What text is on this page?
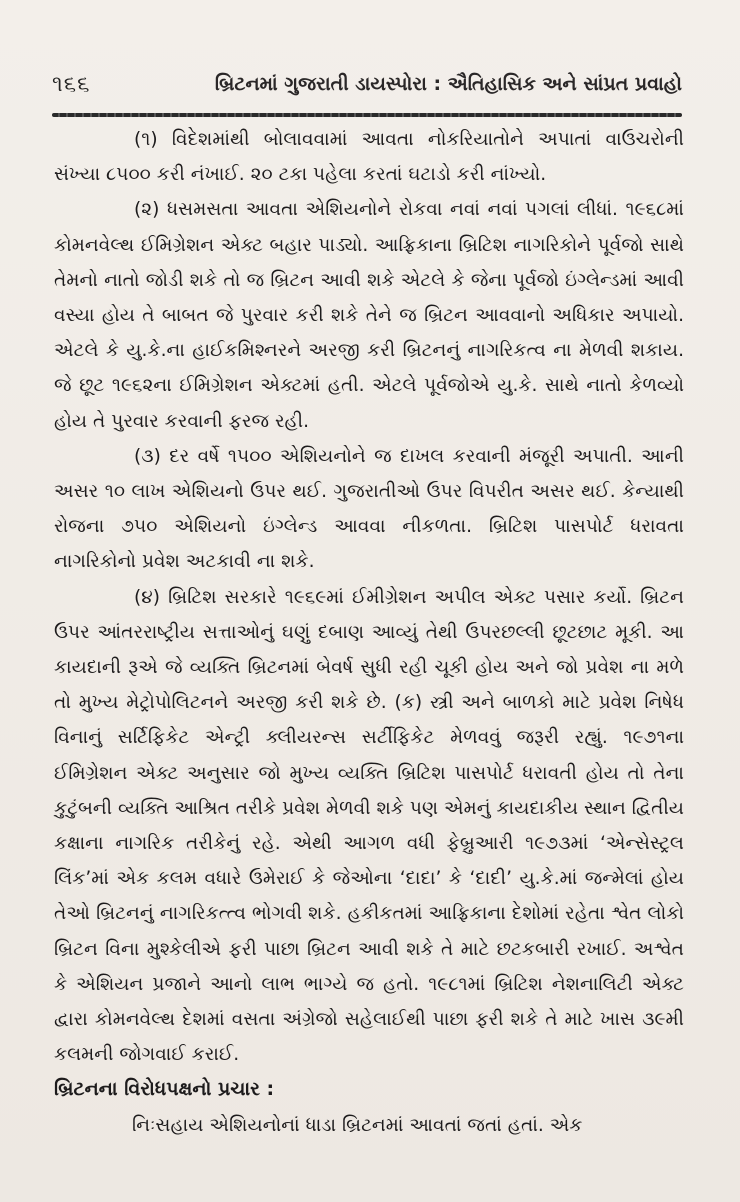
૧૬૬	બ્રિટનમાં ગુજરાતી ડાયસ્પોરા : ઐતિહાસિક અને સાંપ્રત પ્રવાહો

(૧) વિદેશમાંથી બોલાવવામાં આવતા નોકરિયાતોને અપાતાં વાઉચરોની સંખ્યા ૮૫૦૦ કરી નંખાઈ. ૨૦ ટકા પહેલા કરતાં ઘટાડો કરી નાંખ્યો.

(૨) ધસમસતા આવતા એશિયનોને રોકવા નવાં નવાં પગલાં લીધાં. ૧૯૬૮માં કોમનવેલ્થ ઈમિગ્રેશન એક્ટ બહાર પાડ્યો. આફ્રિકાના બ્રિટિશ નાગરિકોને પૂર્વજો સાથે તેમનો નાતો જોડી શકે તો જ બ્રિટન આવી શકે એટલે કે જેના પૂર્વજો ઇંગ્લેન્ડમાં આવી વસ્યા હોય તે બાબત જે પુરવાર કરી શકે તેને જ બ્રિટન આવવાનો અધિકાર અપાયો. એટલે કે યુ.કે.ના હાઈકમિશ્નરને અરજી કરી બ્રિટનનું નાગરિકત્વ ના મેળવી શકાય. જે છૂટ ૧૯૬૨ના ઈમિગ્રેશન એક્ટમાં હતી. એટલે પૂર્વજોએ યુ.કે. સાથે નાતો કેળવ્યો હોય તે પુરવાર કરવાની ફરજ રહી.

(૩) દર વર્ષે ૧૫૦૦ એશિયનોને જ દાખલ કરવાની મંજૂરી અપાતી. આની અસર ૧૦ લાખ એશિયનો ઉપર થઈ. ગુજરાતીઓ ઉપર વિપરીત અસર થઈ. કેન્યાથી રોજના ૭૫૦ એશિયનો ઇંગ્લેન્ડ આવવા નીકળતા. બ્રિટિશ પાસપોર્ટ ધરાવતા નાગરિકોનો પ્રવેશ અટકાવી ના શકે.

(૪) બ્રિટિશ સરકારે ૧૯૬૯માં ઈમીગ્રેશન અપીલ એક્ટ પસાર કર્યો. બ્રિટન ઉપર આંતરરાષ્ટ્રીય સત્તાઓનું ઘણું દબાણ આવ્યું તેથી ઉપરછલ્લી છૂટછાટ મૂકી. આ કાયદાની રૂએ જે વ્યક્તિ બ્રિટનમાં બેવર્ષ સુધી રહી ચૂકી હોય અને જો પ્રવેશ ના મળે તો મુખ્ય મેટ્રોપોલિટનને અરજી કરી શકે છે. (ક) સ્ત્રી અને બાળકો માટે પ્રવેશ નિષેધ વિનાનું સર્ટિફિકેટ એન્ટ્રી ક્લીયરન્સ સર્ટીફિકેટ મેળવવું જરૂરી રહ્યું. ૧૯૭૧ના ઈમિગ્રેશન એક્ટ અનુસાર જો મુખ્ય વ્યક્તિ બ્રિટિશ પાસપોર્ટ ધરાવતી હોય તો તેના કુટુંબની વ્યક્તિ આશ્રિત તરીકે પ્રવેશ મેળવી શકે પણ એમનું કાયદાકીય સ્થાન દ્વિતીય કક્ષાના નાગરિક તરીકેનું રહે. એથી આગળ વધી ફેબ્રુઆરી ૧૯૭૩માં ‘એન્સેસ્ટ્રલ લિંક’માં એક કલમ વધારે ઉમેરાઈ કે જેઓના ‘દાદા’ કે ‘દાદી’ યુ.કે.માં જન્મેલાં હોય તેઓ બ્રિટનનું નાગરિકત્ત્વ ભોગવી શકે. હકીકતમાં આફ્રિકાના દેશોમાં રહેતા શ્વેત લોકો બ્રિટન વિના મુશ્કેલીએ ફરી પાછા બ્રિટન આવી શકે તે માટે છટકબારી રખાઈ. અશ્વેત કે એશિયન પ્રજાને આનો લાભ ભાગ્યે જ હતો. ૧૯૮૧માં બ્રિટિશ નેશનાલિટી એક્ટ દ્વારા કોમનવેલ્થ દેશમાં વસતા અંગ્રેજો સહેલાઈથી પાછા ફરી શકે તે માટે ખાસ ૩૯મી કલમની જોગવાઈ કરાઈ.

બ્રિટનના વિરોધપક્ષનો પ્રચાર :

નિઃસહાય એશિયનોનાં ધાડા બ્રિટનમાં આવતાં જતાં હતાં. એક
